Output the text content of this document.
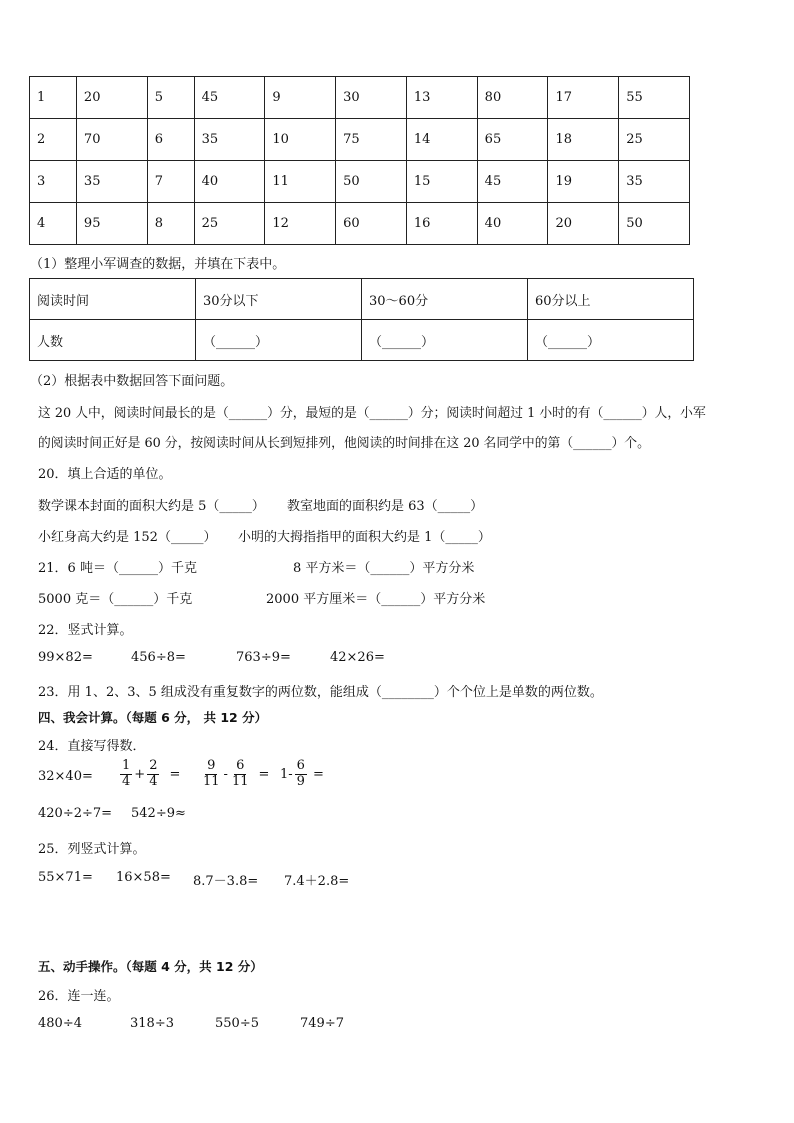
1	20	5	45	9	30	13	80	17	55
2	70	6	35	10	75	14	65	18	25
3	35	7	40	11	50	15	45	19	35
4	95	8	25	12	60	16	40	20	50
（1）整理小军调查的数据，并填在下表中。
阅读时间	30分以下	30～60分	60分以上
人数	（______）	（______）	（______）
（2）根据表中数据回答下面问题。
这 20 人中，阅读时间最长的是（______）分，最短的是（______）分；阅读时间超过 1 小时的有（______）人，小军
的阅读时间正好是 60 分，按阅读时间从长到短排列，他阅读的时间排在这 20 名同学中的第（______）个。
20．填上合适的单位。
数学课本封面的面积大约是 5（_____） 教室地面的面积约是 63（_____）
小红身高大约是 152（_____） 小明的大拇指指甲的面积大约是 1（_____）
21．6 吨＝（______）千克	8 平方米＝（______）平方分米
5000 克＝（______）千克	2000 平方厘米＝（______）平方分米
22．竖式计算。
99×82=	456÷8=	763÷9=	42×26=
23．用 1、2、3、5 组成没有重复数字的两位数，能组成（________）个个位上是单数的两位数。
四、我会计算。（每题 6 分， 共 12 分）
24．直接写得数．
$32\times 40= \frac{1}{4} + \frac{2}{4} = \frac{9}{11} - \frac{6}{11} = 1- \frac{6}{9}$ =
420÷2÷7= 542÷9≈
25．列竖式计算。
55×71= 16×58= 8.7－3.8= 7.4＋2.8=
五、动手操作。（每题 4 分，共 12 分）
26．连一连。
480÷4	318÷3	550÷5	749÷7
